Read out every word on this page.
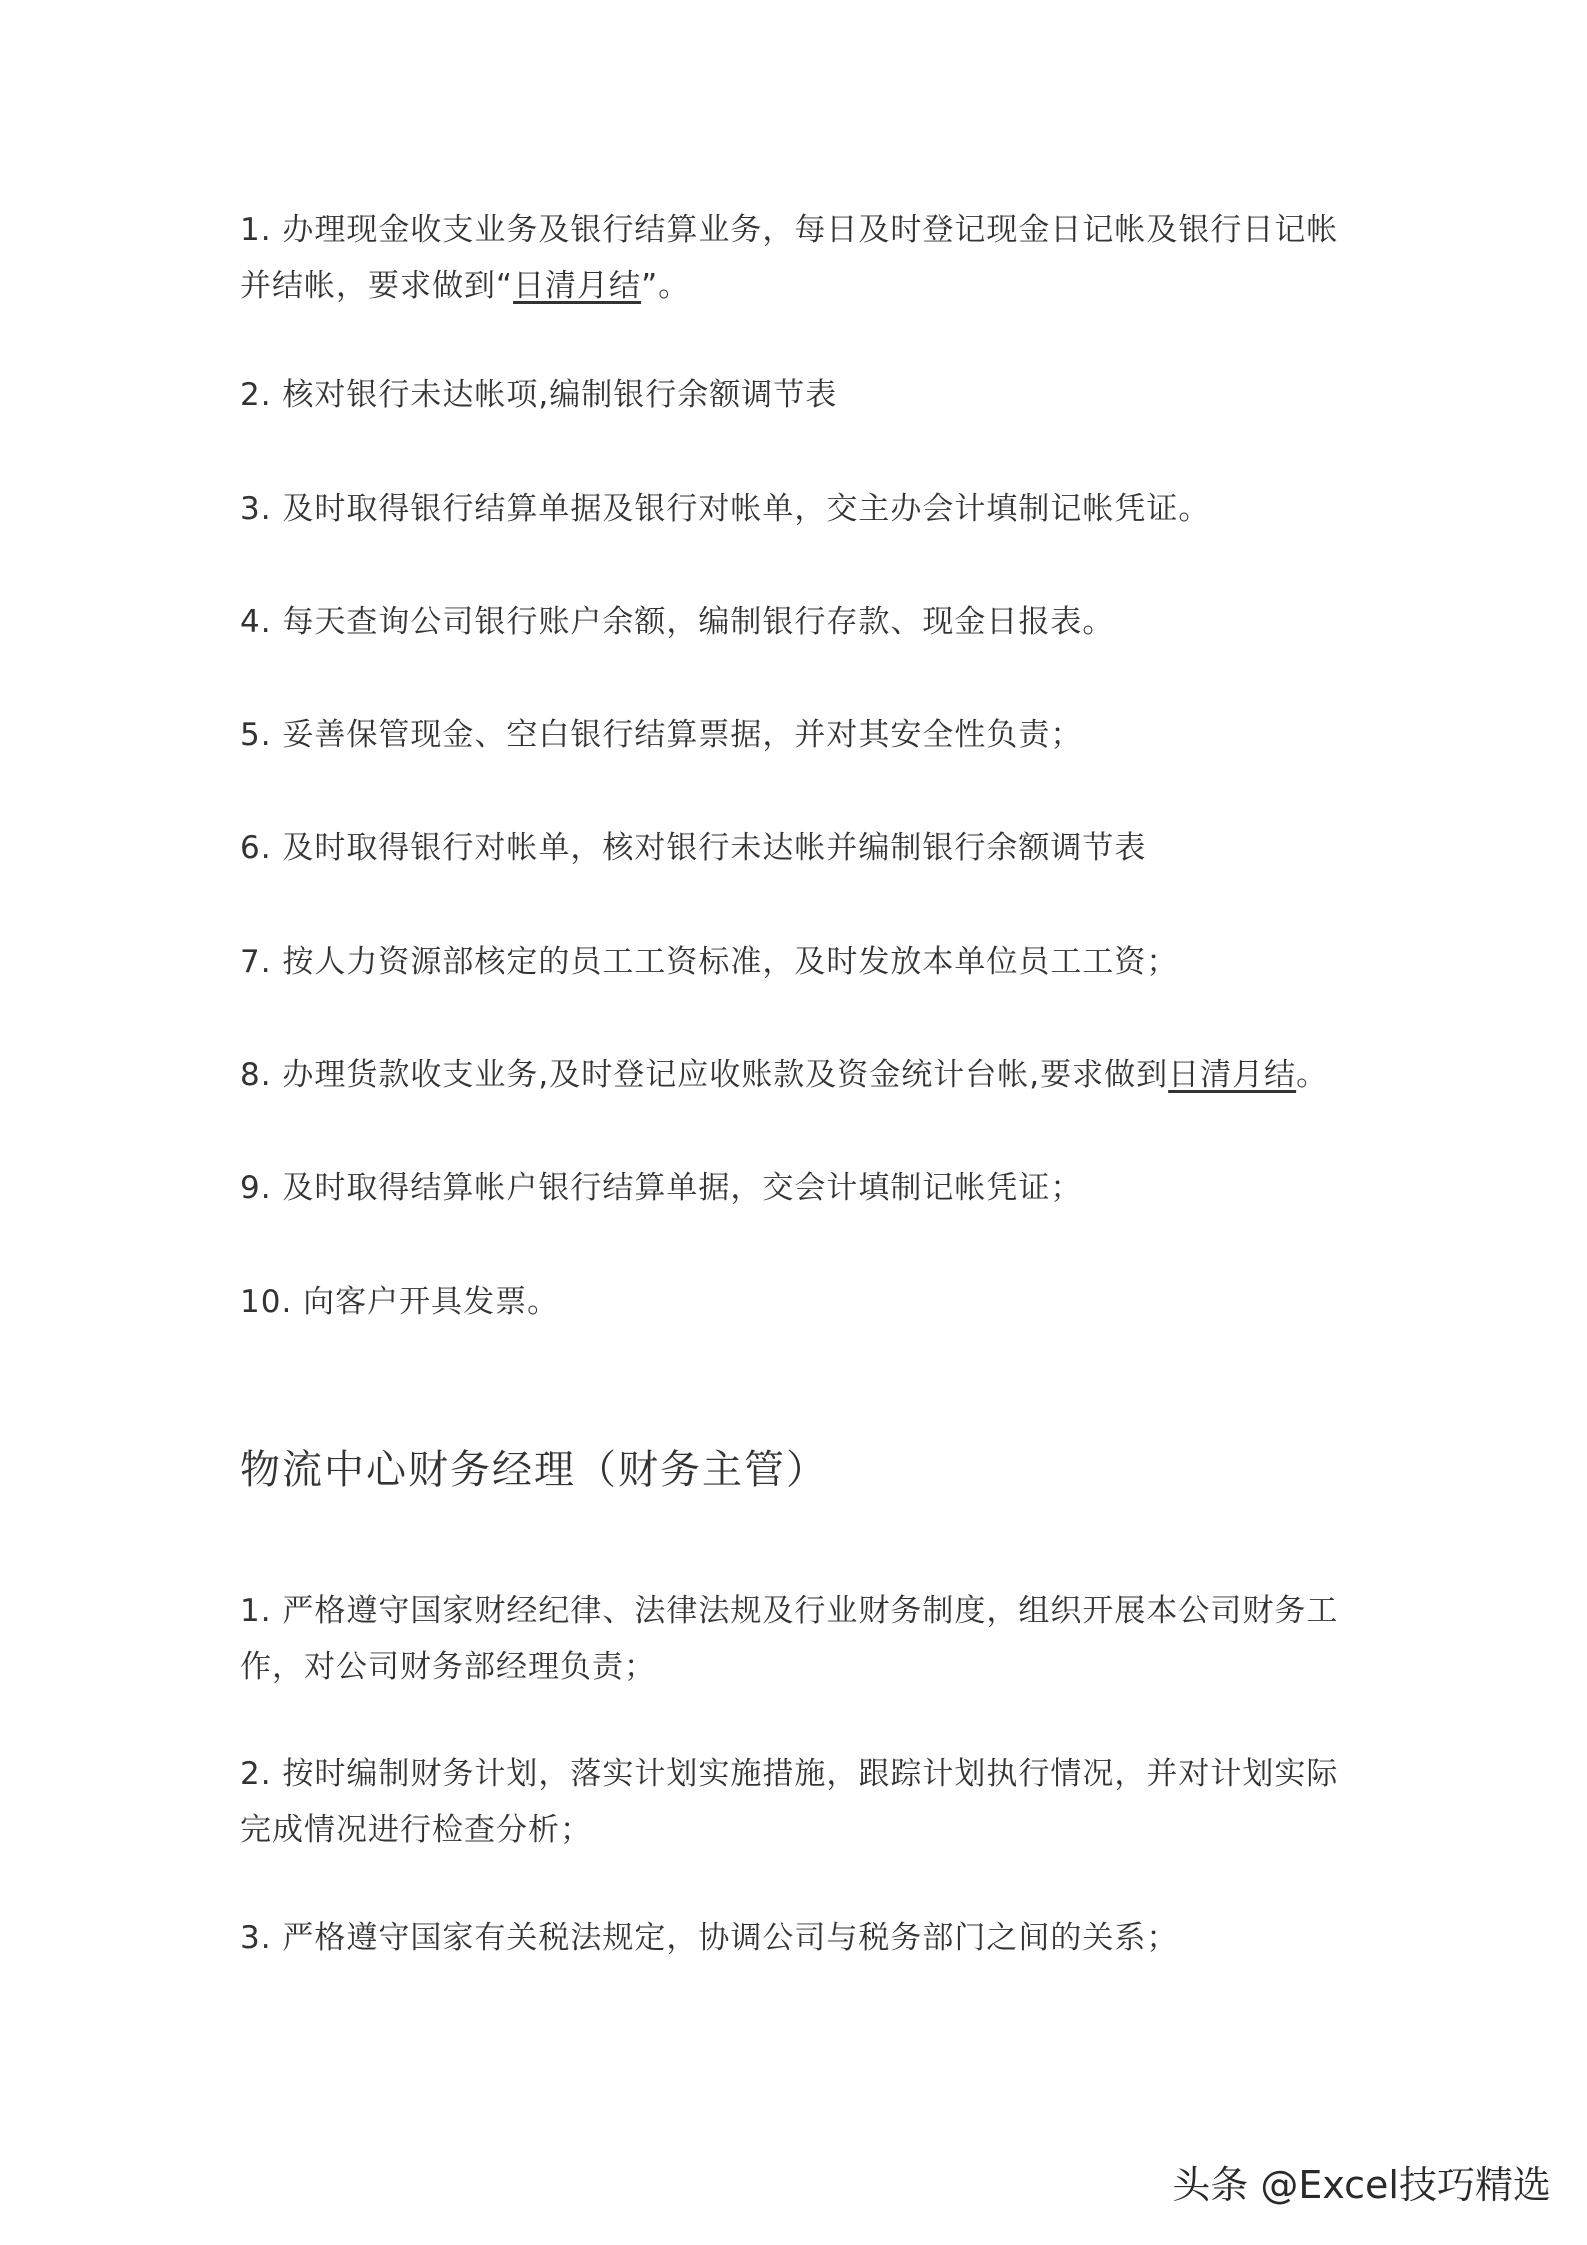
1. 办理现金收支业务及银行结算业务，每日及时登记现金日记帐及银行日记帐并结帐，要求做到“日清月结”。

2. 核对银行未达帐项,编制银行余额调节表

3. 及时取得银行结算单据及银行对帐单，交主办会计填制记帐凭证。

4. 每天查询公司银行账户余额，编制银行存款、现金日报表。

5. 妥善保管现金、空白银行结算票据，并对其安全性负责；

6. 及时取得银行对帐单，核对银行未达帐并编制银行余额调节表

7. 按人力资源部核定的员工工资标准，及时发放本单位员工工资；

8. 办理货款收支业务,及时登记应收账款及资金统计台帐,要求做到日清月结。

9. 及时取得结算帐户银行结算单据，交会计填制记帐凭证；

10. 向客户开具发票。

物流中心财务经理（财务主管）

1. 严格遵守国家财经纪律、法律法规及行业财务制度，组织开展本公司财务工作，对公司财务部经理负责；

2. 按时编制财务计划，落实计划实施措施，跟踪计划执行情况，并对计划实际完成情况进行检查分析；

3. 严格遵守国家有关税法规定，协调公司与税务部门之间的关系；

头条 @Excel技巧精选
